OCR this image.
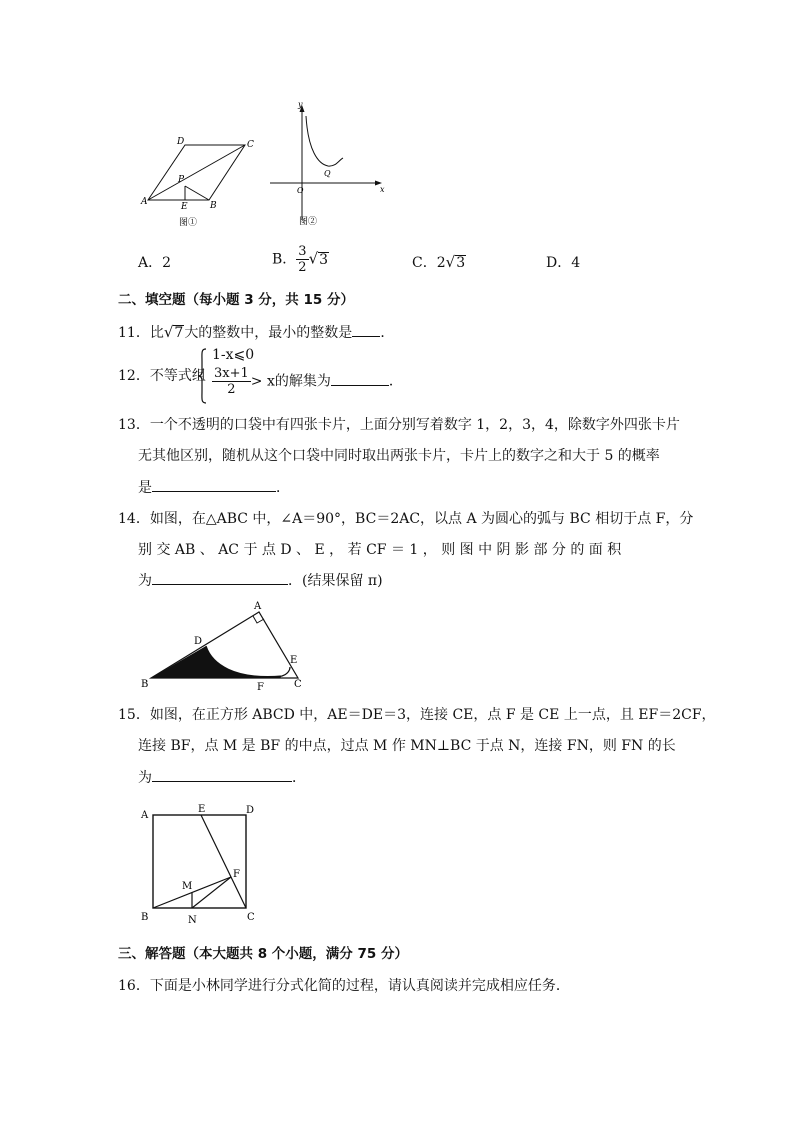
D	C
A	B
E
P
图①
y
x
O
Q
图②
A．2	B． $\frac{3}{2} √3$	C．2√3	D．4
二、填空题（每小题 3 分，共 15 分）
11．比√7大的整数中，最小的整数是 ．
12．不等式组
1-x⩽0
$\frac{3x+1}{2} > x$的解集为	．
13．一个不透明的口袋中有四张卡片，上面分别写着数字 1，2，3，4，除数字外四张卡片
无其他区别，随机从这个口袋中同时取出两张卡片，卡片上的数字之和大于 5 的概率
是	．
14．如图，在△ABC 中，∠A＝90°，BC＝2AC，以点 A 为圆心的弧与 BC 相切于点 F，分
别 交 AB 、 AC 于 点 D 、 E ， 若 CF ＝ 1 ， 则 图 中 阴 影 部 分 的 面 积
为	．(结果保留 π)
A
D
E
B	F	C
15．如图，在正方形 ABCD 中，AE＝DE＝3，连接 CE，点 F 是 CE 上一点，且 EF＝2CF，
连接 BF，点 M 是 BF 的中点，过点 M 作 MN⊥BC 于点 N，连接 FN，则 FN 的长
为	．
A
E	D
F
M
B	N	C
三、解答题（本大题共 8 个小题，满分 75 分）
16．下面是小林同学进行分式化简的过程，请认真阅读并完成相应任务．
